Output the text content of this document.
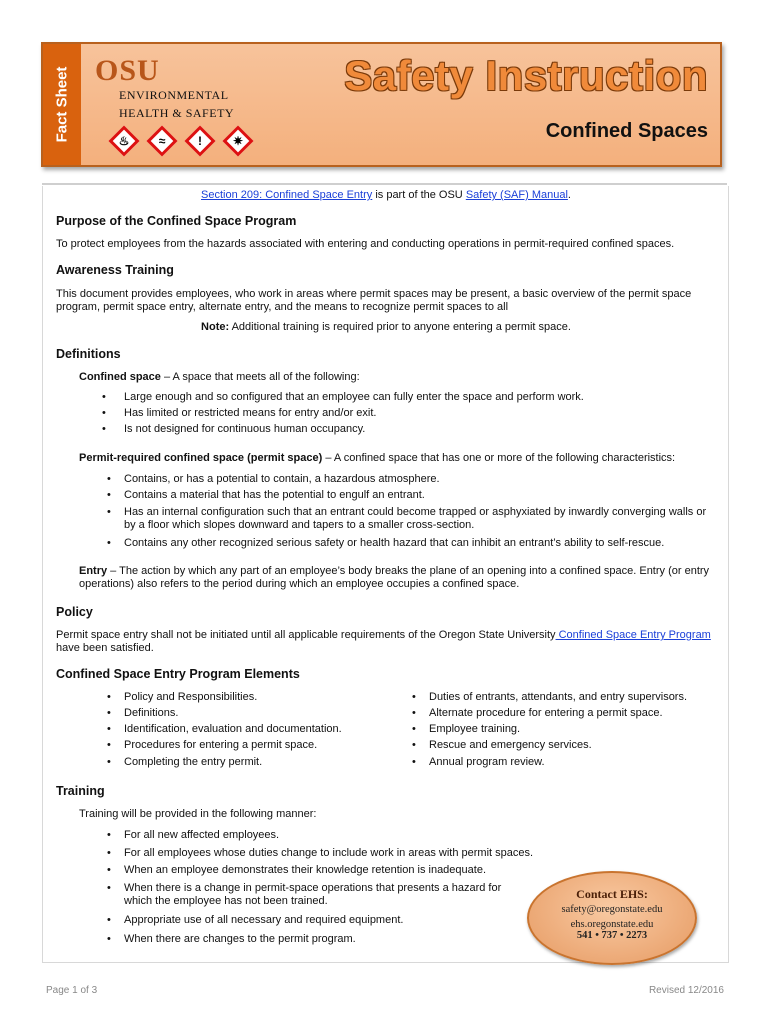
Fact Sheet OSU
ENVIRONMENTAL
HEALTH & SAFETY
♨	≈	!	✷
Safety Instruction
Confined Spaces
Section 209: Confined Space Entry is part of the OSU Safety (SAF) Manual.
Purpose of the Confined Space Program
To protect employees from the hazards associated with entering and conducting operations in permit-required confined spaces.
Awareness Training
This document provides employees, who work in areas where permit spaces may be present, a basic overview of the permit space program, permit space entry, alternate entry, and the means to recognize permit spaces to all
Note: Additional training is required prior to anyone entering a permit space.
Definitions
Confined space – A space that meets all of the following:
Large enough and so configured that an employee can fully enter the space and perform work.
Has limited or restricted means for entry and/or exit.
Is not designed for continuous human occupancy.
•

•

•
Permit-required confined space (permit space) – A confined space that has one or more of the following characteristics:
• Contains, or has a potential to contain, a hazardous atmosphere.
• Contains a material that has the potential to engulf an entrant.
• Has an internal configuration such that an entrant could become trapped or asphyxiated by inwardly converging walls or by a floor which slopes downward and tapers to a smaller cross-section.
• Contains any other recognized serious safety or health hazard that can inhibit an entrant’s ability to self-rescue.
Entry – The action by which any part of an employee’s body breaks the plane of an opening into a confined space. Entry (or entry operations) also refers to the period during which an employee occupies a confined space.
Policy
Permit space entry shall not be initiated until all applicable requirements of the Oregon State University Confined Space Entry Program have been satisfied.
Confined Space Entry Program Elements
• Policy and Responsibilities.
• Definitions.
• Identification, evaluation and documentation.
• Procedures for entering a permit space.
• Completing the entry permit.
• Duties of entrants, attendants, and entry supervisors.
• Alternate procedure for entering a permit space.
• Employee training.
• Rescue and emergency services.
• Annual program review.
Training
Training will be provided in the following manner:
• For all new affected employees.
• For all employees whose duties change to include work in areas with permit spaces.
• When an employee demonstrates their knowledge retention is inadequate.
• When there is a change in permit-space operations that presents a hazard for which the employee has not been trained.
• Appropriate use of all necessary and required equipment.
• When there are changes to the permit program.
Contact EHS:
safety@oregonstate.edu
ehs.oregonstate.edu
541 • 737 • 2273
Page 1 of 3	Revised 12/2016
